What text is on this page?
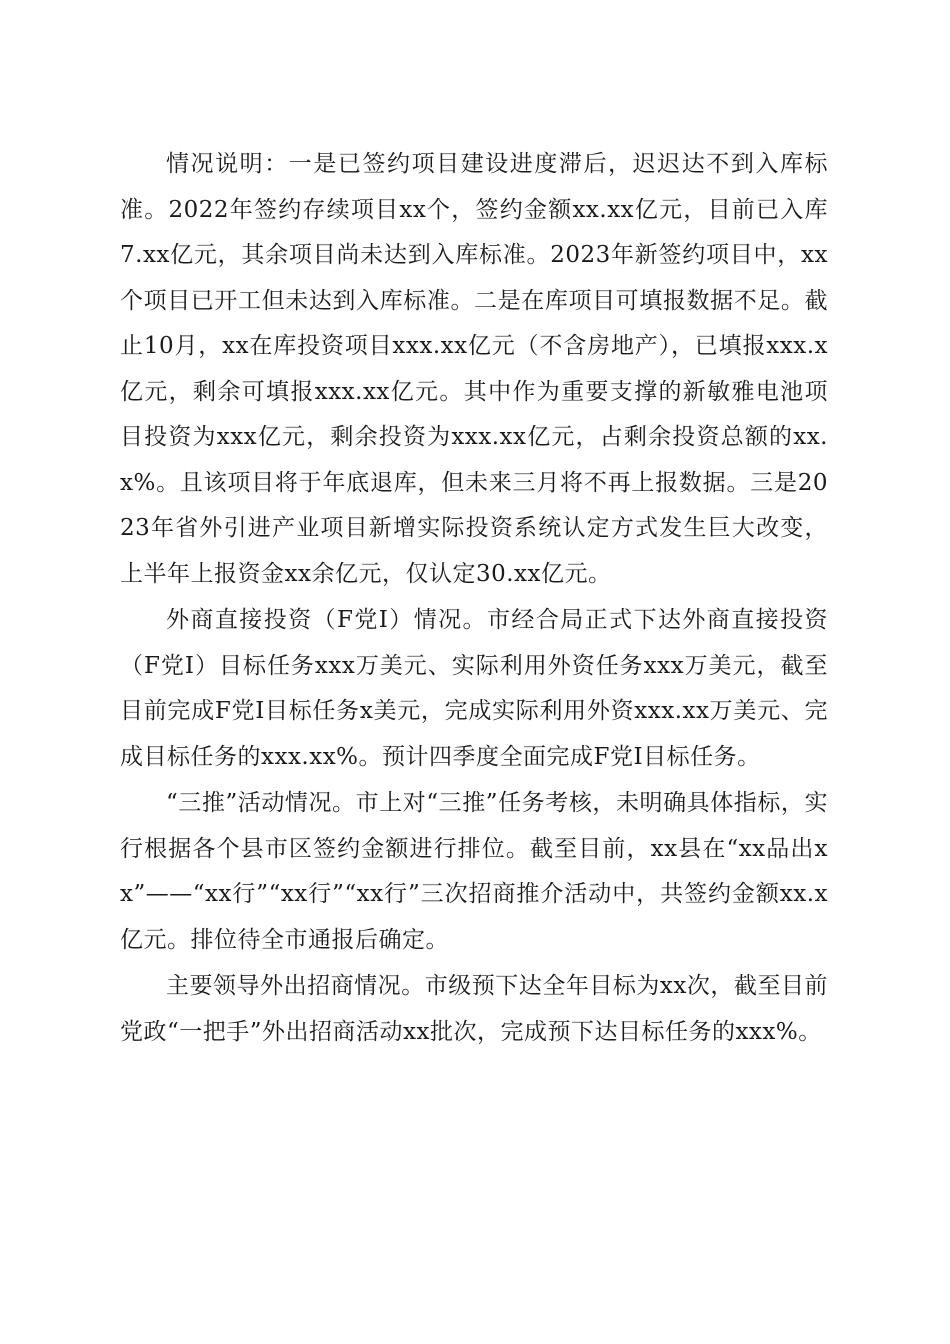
情况说明：一是已签约项目建设进度滞后，迟迟达不到入库标准。2022年签约存续项目xx个，签约金额xx.xx亿元，目前已入库7.xx亿元，其余项目尚未达到入库标准。2023年新签约项目中，xx个项目已开工但未达到入库标准。二是在库项目可填报数据不足。截止10月，xx在库投资项目xxx.xx亿元（不含房地产），已填报xxx.x亿元，剩余可填报xxx.xx亿元。其中作为重要支撑的新敏雅电池项目投资为xxx亿元，剩余投资为xxx.xx亿元，占剩余投资总额的xx.x%。且该项目将于年底退库，但未来三月将不再上报数据。三是2023年省外引进产业项目新增实际投资系统认定方式发生巨大改变，上半年上报资金xx余亿元，仅认定30.xx亿元。

外商直接投资（F党I）情况。市经合局正式下达外商直接投资（F党I）目标任务xxx万美元、实际利用外资任务xxx万美元，截至目前完成F党I目标任务x美元，完成实际利用外资xxx.xx万美元、完成目标任务的xxx.xx%。预计四季度全面完成F党I目标任务。

“三推”活动情况。市上对“三推”任务考核，未明确具体指标，实行根据各个县市区签约金额进行排位。截至目前，xx县在“xx品出xx”——“xx行”“xx行”“xx行”三次招商推介活动中，共签约金额xx.x亿元。排位待全市通报后确定。

主要领导外出招商情况。市级预下达全年目标为xx次，截至目前党政“一把手”外出招商活动xx批次，完成预下达目标任务的xxx%。
